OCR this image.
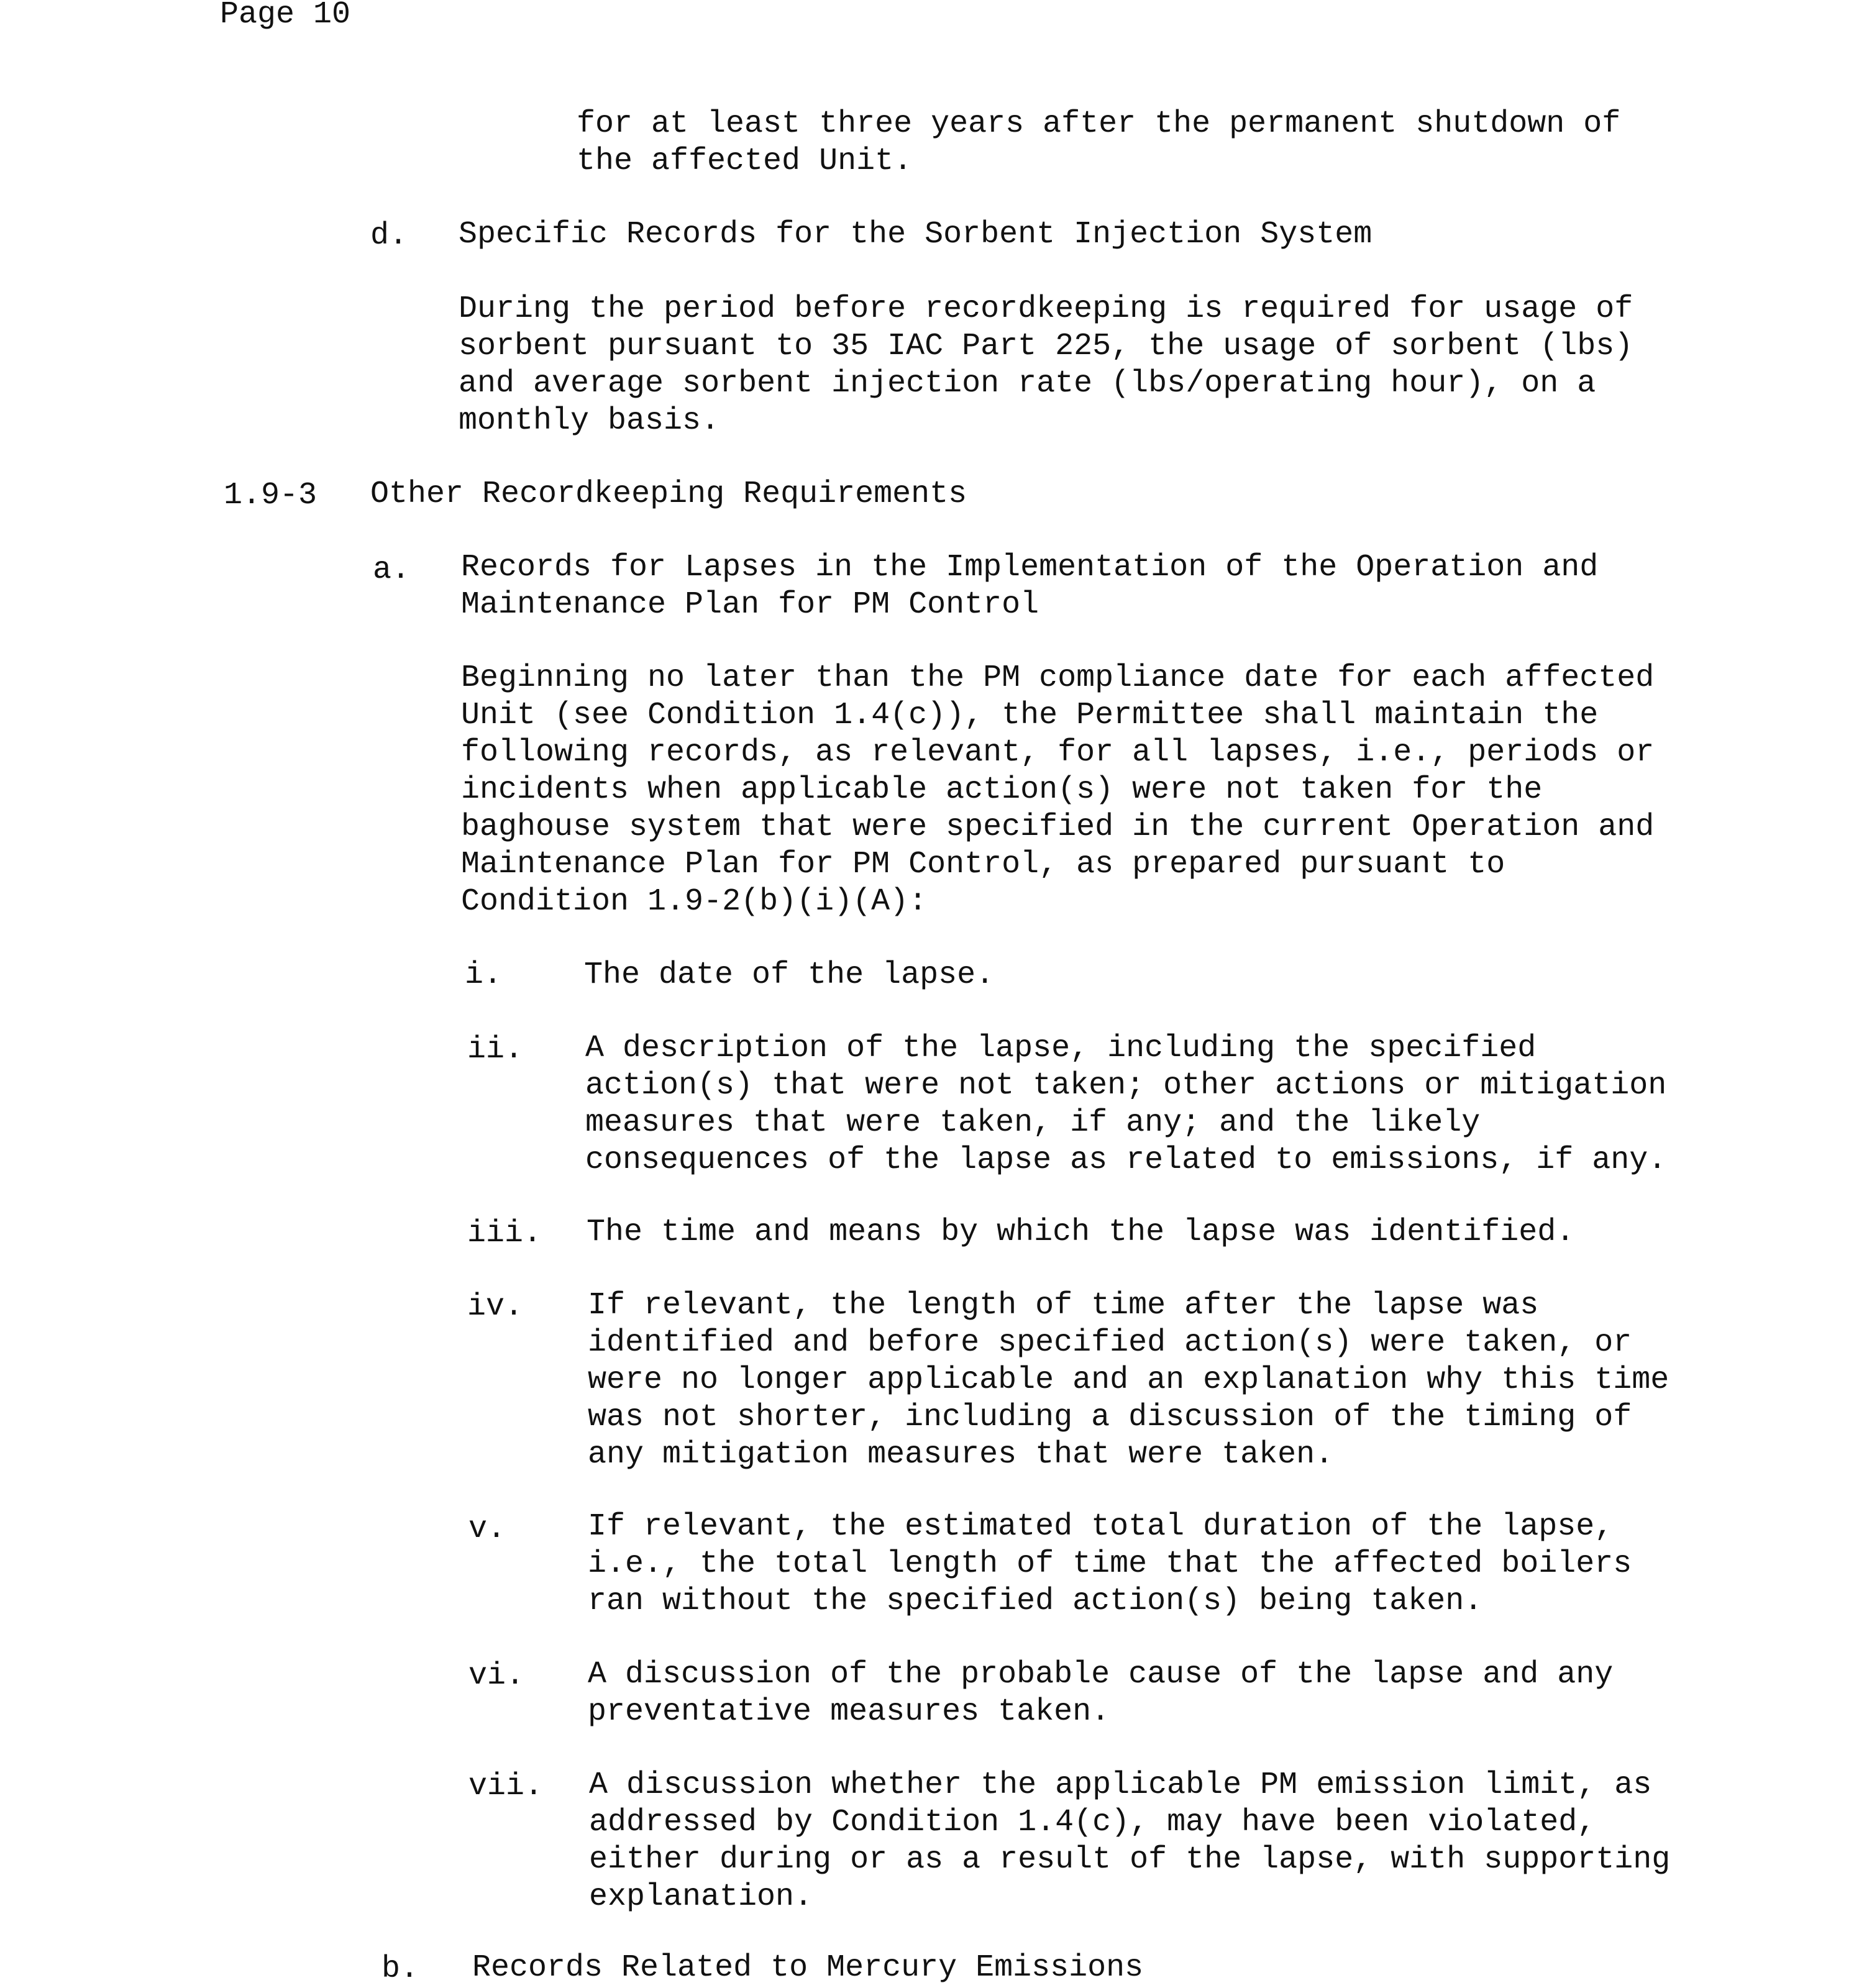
Page 10
for at least three years after the permanent shutdown of
the affected Unit.
d. Specific Records for the Sorbent Injection System
During the period before recordkeeping is required for usage of
sorbent pursuant to 35 IAC Part 225, the usage of sorbent (lbs)
and average sorbent injection rate (lbs/operating hour), on a
monthly basis.
1.9-3 Other Recordkeeping Requirements
a. Records for Lapses in the Implementation of the Operation and
Maintenance Plan for PM Control
Beginning no later than the PM compliance date for each affected
Unit (see Condition 1.4(c)), the Permittee shall maintain the
following records, as relevant, for all lapses, i.e., periods or
incidents when applicable action(s) were not taken for the
baghouse system that were specified in the current Operation and
Maintenance Plan for PM Control, as prepared pursuant to
Condition 1.9-2(b)(i)(A):
i.	The date of the lapse.
ii. A description of the lapse, including the specified
action(s) that were not taken; other actions or mitigation
measures that were taken, if any; and the likely
consequences of the lapse as related to emissions, if any.
iii. The time and means by which the lapse was identified.
iv. If relevant, the length of time after the lapse was
identified and before specified action(s) were taken, or
were no longer applicable and an explanation why this time
was not shorter, including a discussion of the timing of
any mitigation measures that were taken.
v.	If relevant, the estimated total duration of the lapse,
i.e., the total length of time that the affected boilers
ran without the specified action(s) being taken.
vi. A discussion of the probable cause of the lapse and any
preventative measures taken.
vii. A discussion whether the applicable PM emission limit, as
addressed by Condition 1.4(c), may have been violated,
either during or as a result of the lapse, with supporting
explanation.
b. Records Related to Mercury Emissions
